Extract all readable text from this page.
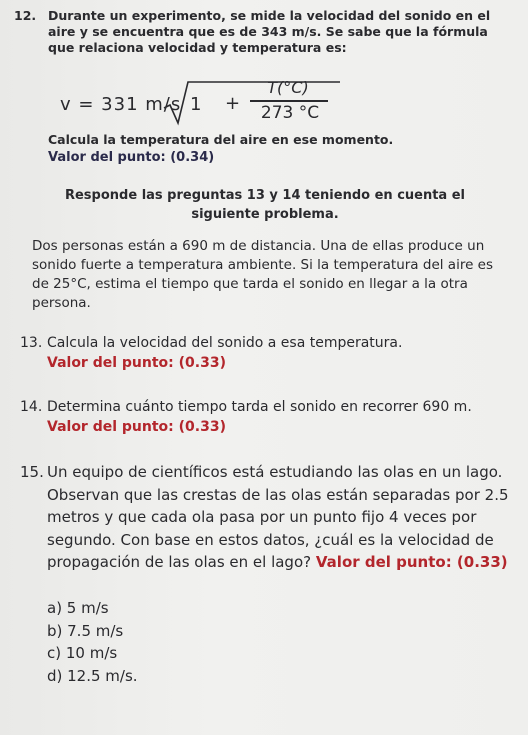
12. Durante un experimento, se mide la velocidad del sonido en el aire y se encuentra que es de 343 m/s. Se sabe que la fórmula que relaciona velocidad y temperatura es:
v = 331 m/s 1 +
T(°C)
273 °C
Calcula la temperatura del aire en ese momento.
Valor del punto: (0.34)
Responde las preguntas 13 y 14 teniendo en cuenta el siguiente problema.
Dos personas están a 690 m de distancia. Una de ellas produce un sonido fuerte a temperatura ambiente. Si la temperatura del aire es de 25°C, estima el tiempo que tarda el sonido en llegar a la otra persona.
13. Calcula la velocidad del sonido a esa temperatura.
Valor del punto: (0.33)
14. Determina cuánto tiempo tarda el sonido en recorrer 690 m. Valor del punto: (0.33)
15. Un equipo de científicos está estudiando las olas en un lago. Observan que las crestas de las olas están separadas por 2.5 metros y que cada ola pasa por un punto fijo 4 veces por segundo. Con base en estos datos, ¿cuál es la velocidad de propagación de las olas en el lago? Valor del punto: (0.33)
a) 5 m/s
b) 7.5 m/s
c) 10 m/s
d) 12.5 m/s.
